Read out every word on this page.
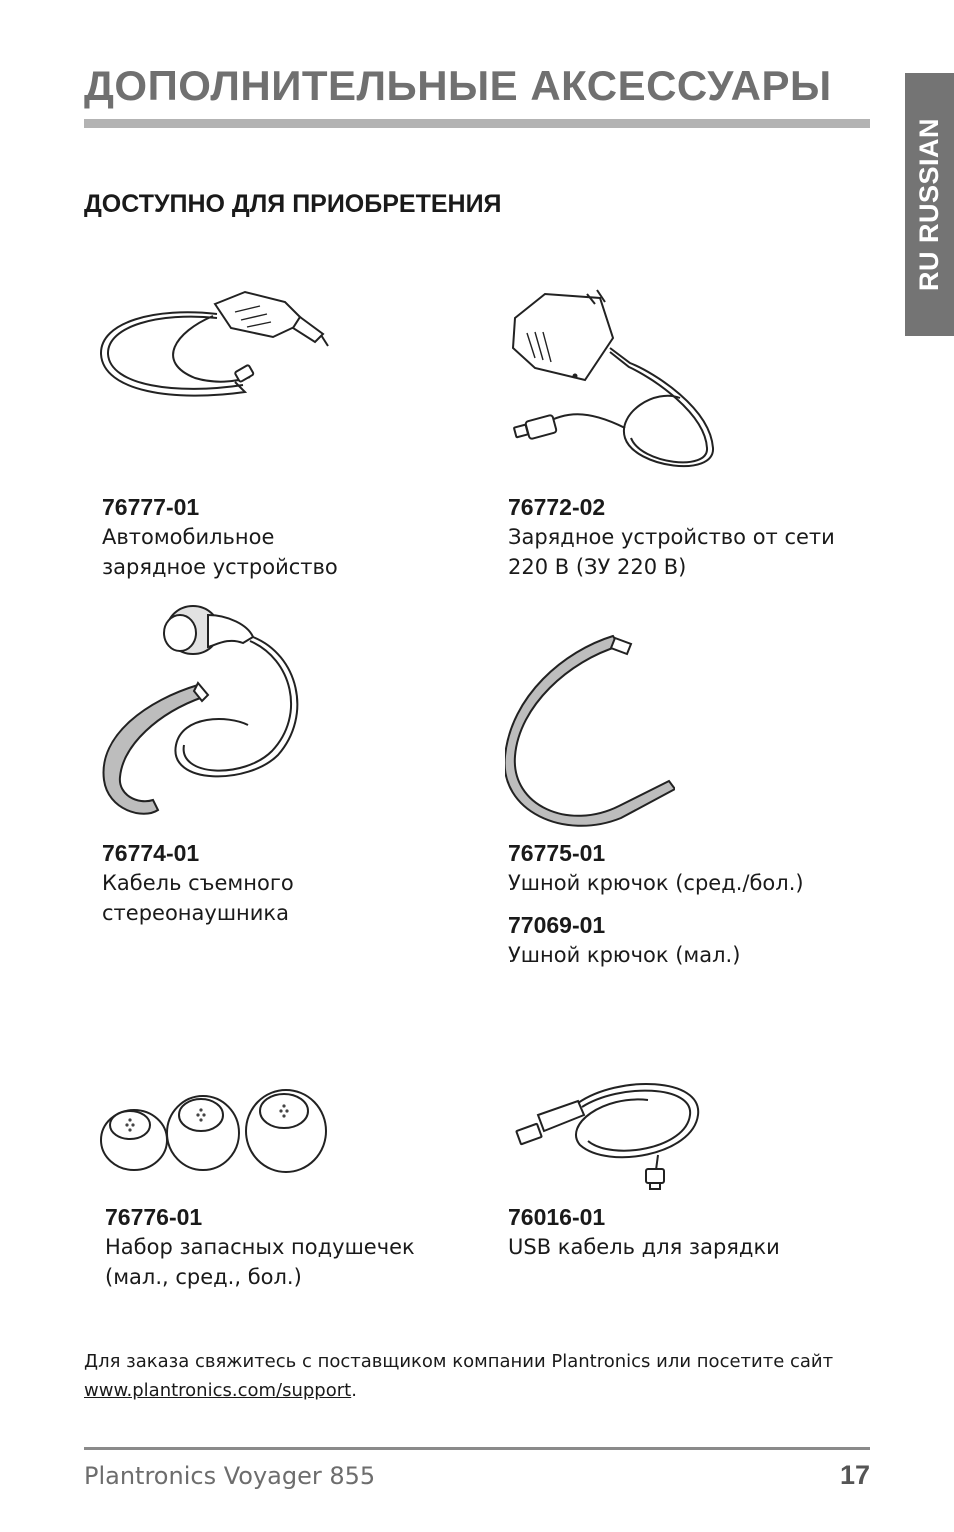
ДОПОЛНИТЕЛЬНЫЕ АКСЕССУАРЫ
RU RUSSIAN
ДОСТУПНО ДЛЯ ПРИОБРЕТЕНИЯ
76777-01
Автомобильное
зарядное устройство
76772-02
Зарядное устройство от сети
220 В (ЗУ 220 В)
76774-01
Кабель съемного
стереонаушника
76775-01
Ушной крючок (сред./бол.)
77069-01
Ушной крючок (мал.)
76776-01
Набор запасных подушечек
(мал., сред., бол.)
76016-01
USB кабель для зарядки
Для заказа свяжитесь с поставщиком компании Plantronics или посетите сайт www.plantronics.com/support.
Plantronics Voyager 855	17
